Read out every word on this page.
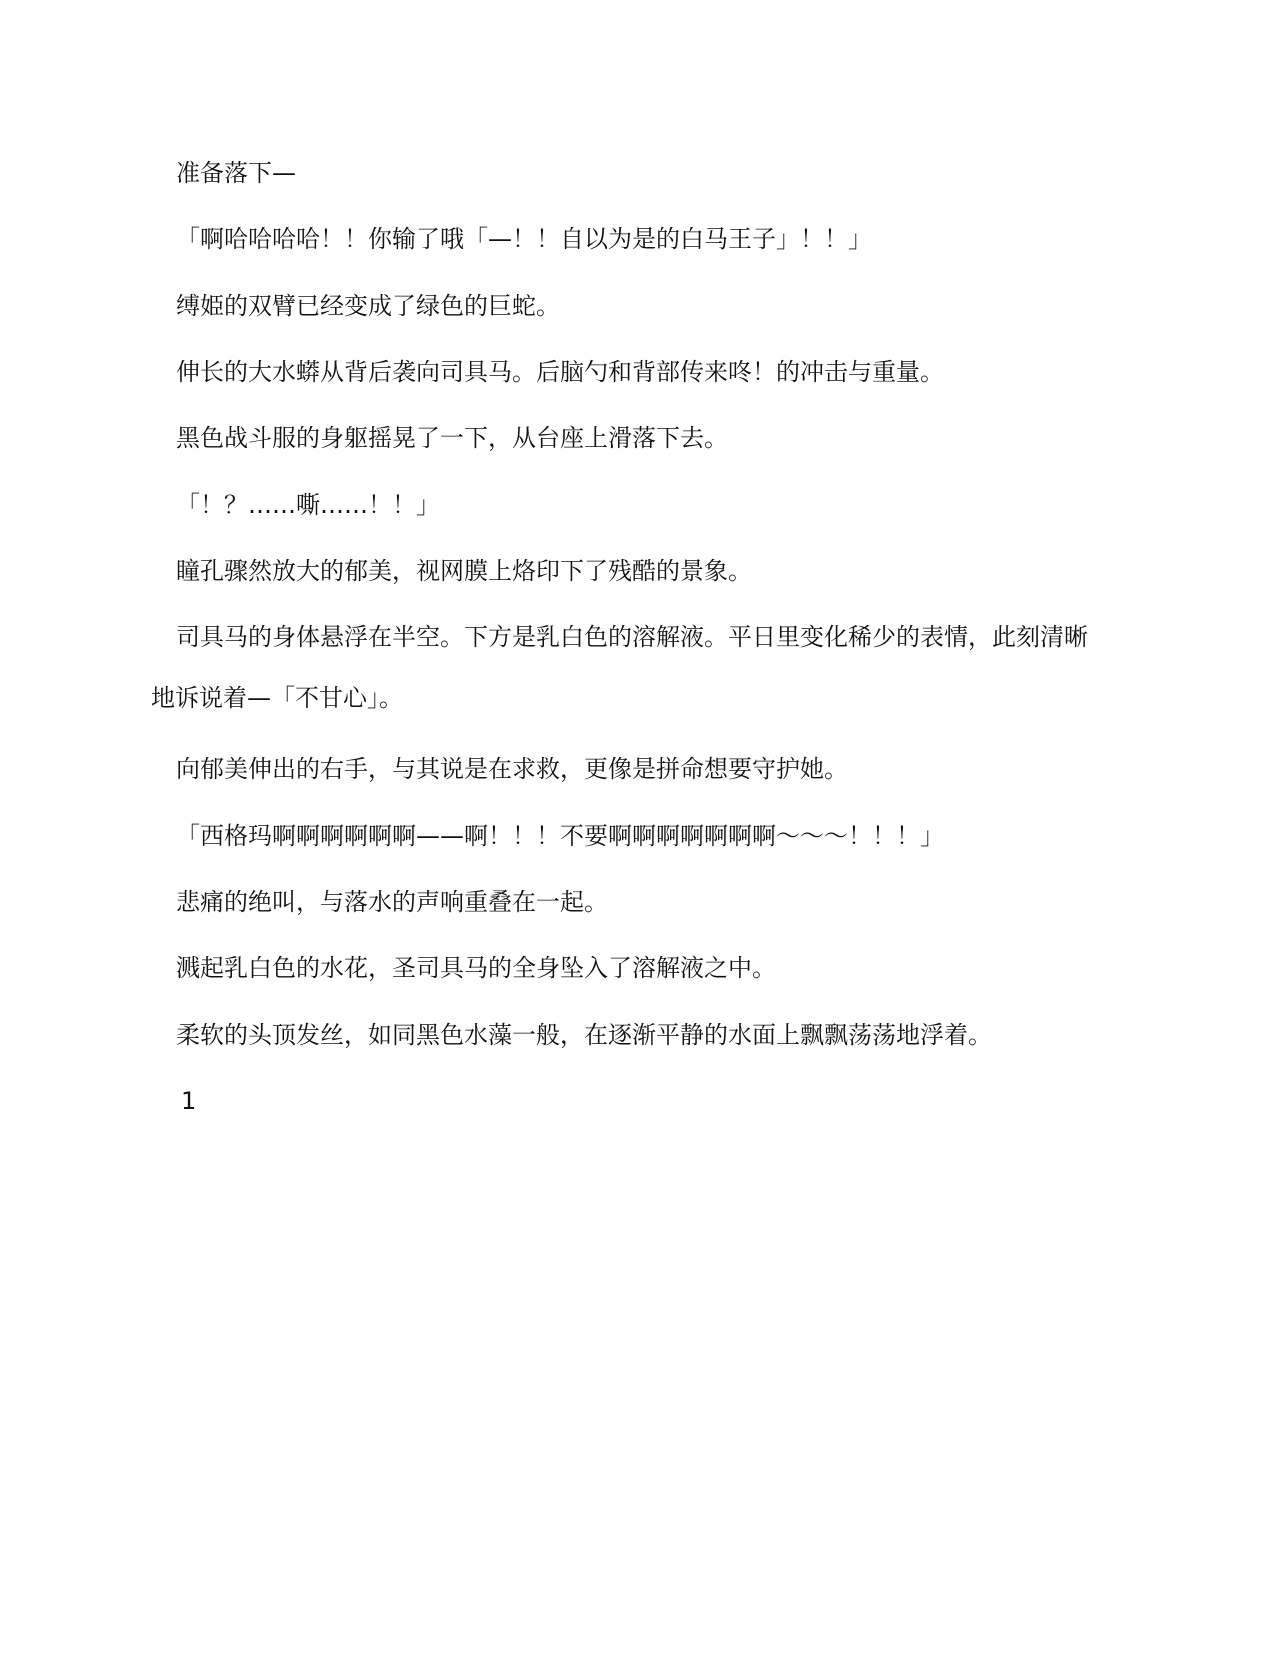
准备落下—

「啊哈哈哈哈！！你输了哦「—！！自以为是的白马王子」！！」

缚姫的双臂已经变成了绿色的巨蛇。

伸长的大水蟒从背后袭向司具马。后脑勺和背部传来咚！的冲击与重量。

黑色战斗服的身躯摇晃了一下，从台座上滑落下去。

「！？……嘶……！！」

瞳孔骤然放大的郁美，视网膜上烙印下了残酷的景象。

司具马的身体悬浮在半空。下方是乳白色的溶解液。平日里变化稀少的表情，此刻清晰
地诉说着—「不甘心」。

向郁美伸出的右手，与其说是在求救，更像是拼命想要守护她。

「西格玛啊啊啊啊啊啊——啊！！！不要啊啊啊啊啊啊啊〜〜〜！！！」

悲痛的绝叫，与落水的声响重叠在一起。

溅起乳白色的水花，圣司具马的全身坠入了溶解液之中。

柔软的头顶发丝，如同黑色水藻一般，在逐渐平静的水面上飘飘荡荡地浮着。

1
